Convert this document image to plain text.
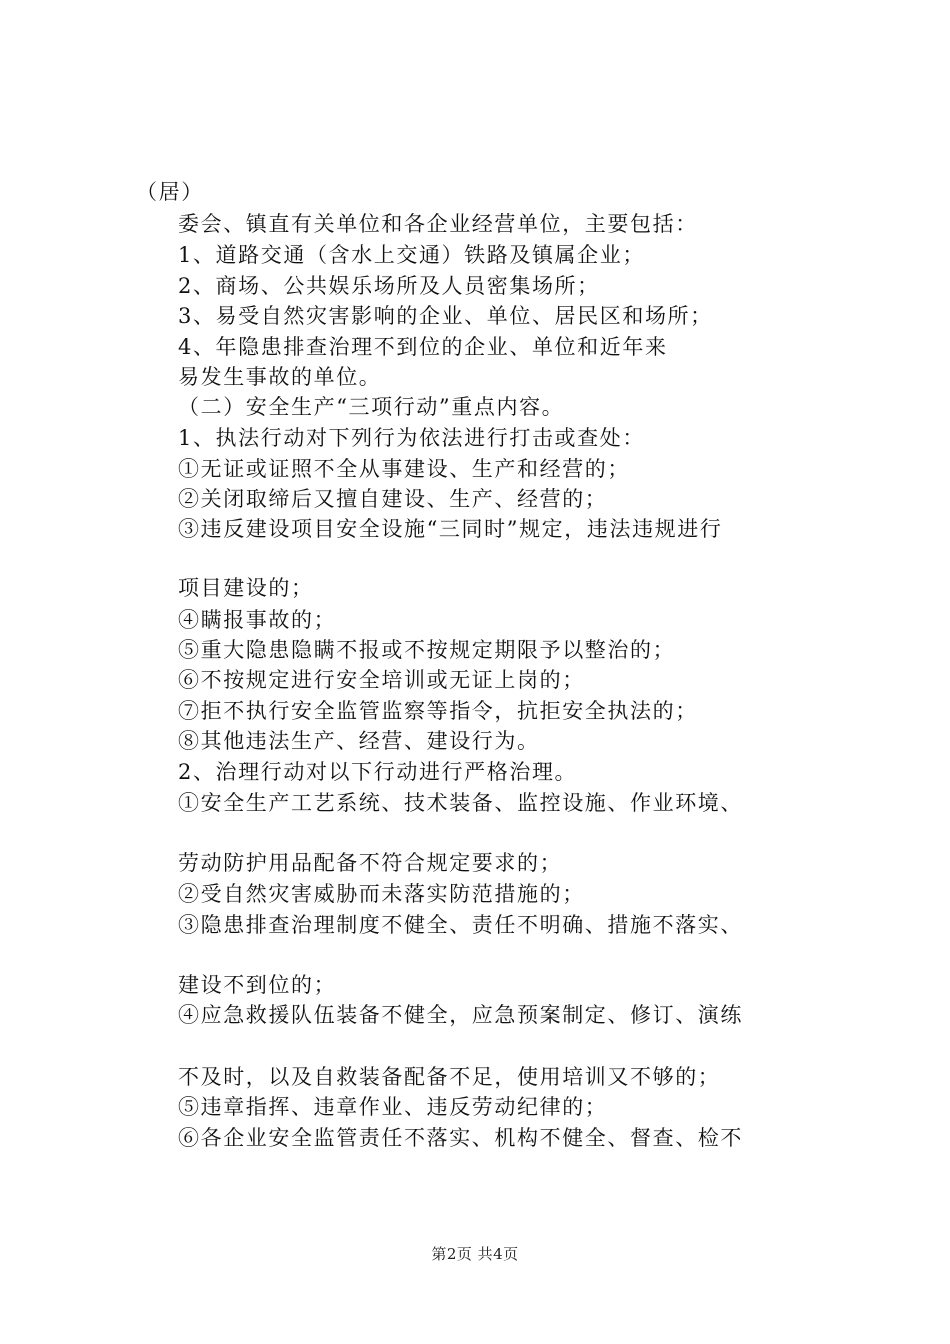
（居）
委会、镇直有关单位和各企业经营单位，主要包括：
1、道路交通（含水上交通）铁路及镇属企业；
2、商场、公共娱乐场所及人员密集场所；
3、易受自然灾害影响的企业、单位、居民区和场所；
4、年隐患排查治理不到位的企业、单位和近年来
易发生事故的单位。
（二）安全生产“三项行动”重点内容。
1、执法行动对下列行为依法进行打击或查处：
①无证或证照不全从事建设、生产和经营的；
②关闭取缔后又擅自建设、生产、经营的；
③违反建设项目安全设施“三同时”规定，违法违规进行
项目建设的；
④瞒报事故的；
⑤重大隐患隐瞒不报或不按规定期限予以整治的；
⑥不按规定进行安全培训或无证上岗的；
⑦拒不执行安全监管监察等指令，抗拒安全执法的；
⑧其他违法生产、经营、建设行为。
2、治理行动对以下行动进行严格治理。
①安全生产工艺系统、技术装备、监控设施、作业环境、
劳动防护用品配备不符合规定要求的；
②受自然灾害威胁而未落实防范措施的；
③隐患排查治理制度不健全、责任不明确、措施不落实、
建设不到位的；
④应急救援队伍装备不健全，应急预案制定、修订、演练
不及时，以及自救装备配备不足，使用培训又不够的；
⑤违章指挥、违章作业、违反劳动纪律的；
⑥各企业安全监管责任不落实、机构不健全、督查、检不
第2页 共4页
